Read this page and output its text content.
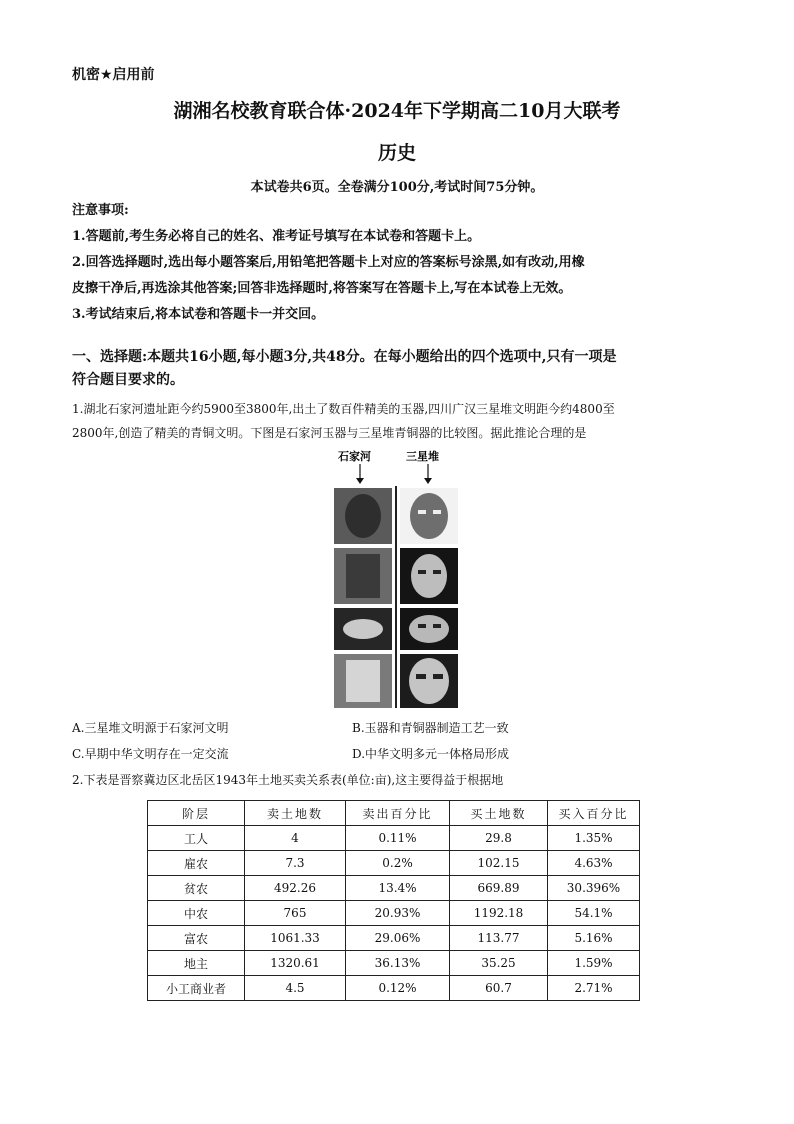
机密★启用前
湖湘名校教育联合体·2024年下学期高二10月大联考
历史
本试卷共6页。全卷满分100分,考试时间75分钟。
注意事项:
1.答题前,考生务必将自己的姓名、准考证号填写在本试卷和答题卡上。
2.回答选择题时,选出每小题答案后,用铅笔把答题卡上对应的答案标号涂黑,如有改动,用橡
皮擦干净后,再选涂其他答案;回答非选择题时,将答案写在答题卡上,写在本试卷上无效。
3.考试结束后,将本试卷和答题卡一并交回。
一、选择题:本题共16小题,每小题3分,共48分。在每小题给出的四个选项中,只有一项是
符合题目要求的。
1.湖北石家河遗址距今约5900至3800年,出土了数百件精美的玉器,四川广汉三星堆文明距今约4800至
2800年,创造了精美的青铜文明。下图是石家河玉器与三星堆青铜器的比较图。据此推论合理的是
石家河	三星堆
A.三星堆文明源于石家河文明	B.玉器和青铜器制造工艺一致
C.早期中华文明存在一定交流	D.中华文明多元一体格局形成
2.下表是晋察冀边区北岳区1943年土地买卖关系表(单位:亩),这主要得益于根据地
阶层	卖土地数	卖出百分比	买土地数	买入百分比
工人	4	0.11%	29.8	1.35%
雇农	7.3	0.2%	102.15	4.63%
贫农	492.26	13.4%	669.89	30.396%
中农	765	20.93%	1192.18	54.1%
富农	1061.33	29.06%	113.77	5.16%
地主	1320.61	36.13%	35.25	1.59%
小工商业者	4.5	0.12%	60.7	2.71%
